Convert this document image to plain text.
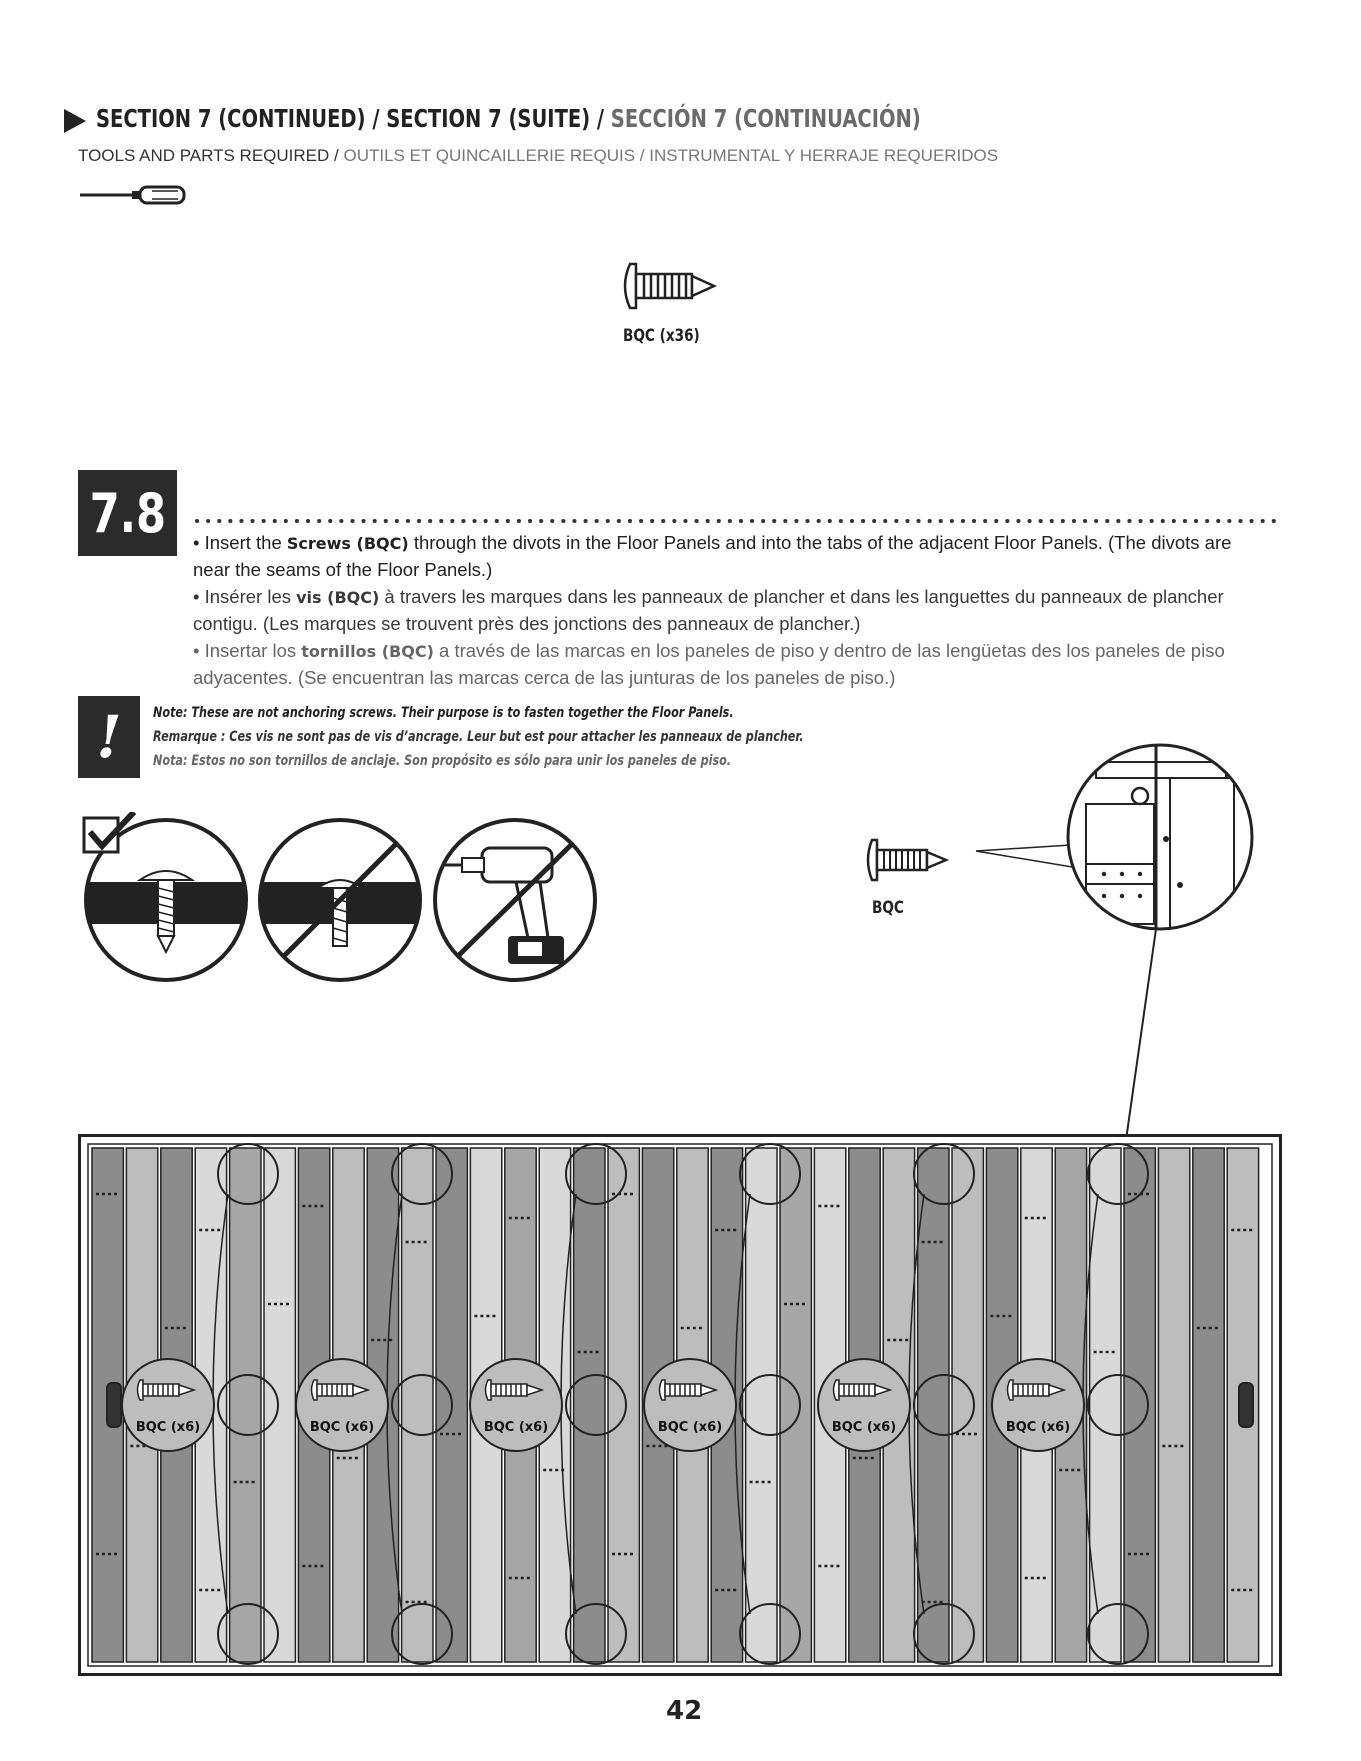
SECTION 7 (CONTINUED) / SECTION 7 (SUITE) / SECCIÓN 7 (CONTINUACIÓN)
TOOLS AND PARTS REQUIRED / OUTILS ET QUINCAILLERIE REQUIS / INSTRUMENTAL Y HERRAJE REQUERIDOS
BQC (x36)
7.8 • Insert the Screws (BQC) through the divots in the Floor Panels and into the tabs of the adjacent Floor Panels. (The divots are near the seams of the Floor Panels.)
• Insérer les vis (BQC) à travers les marques dans les panneaux de plancher et dans les languettes du panneaux de plancher contigu. (Les marques se trouvent près des jonctions des panneaux de plancher.)
• Insertar los tornillos (BQC) a través de las marcas en los paneles de piso y dentro de las lengüetas des los paneles de piso adyacentes. (Se encuentran las marcas cerca de las junturas de los paneles de piso.)
! Note: These are not anchoring screws. Their purpose is to fasten together the Floor Panels.
Remarque : Ces vis ne sont pas de vis d’ancrage. Leur but est pour attacher les panneaux de plancher.
Nota: Estos no son tornillos de anclaje. Son propósito es sólo para unir los paneles de piso.
BQC
BQC (x6)	BQC (x6)	BQC (x6)	BQC (x6)	BQC (x6)	BQC (x6)
42
